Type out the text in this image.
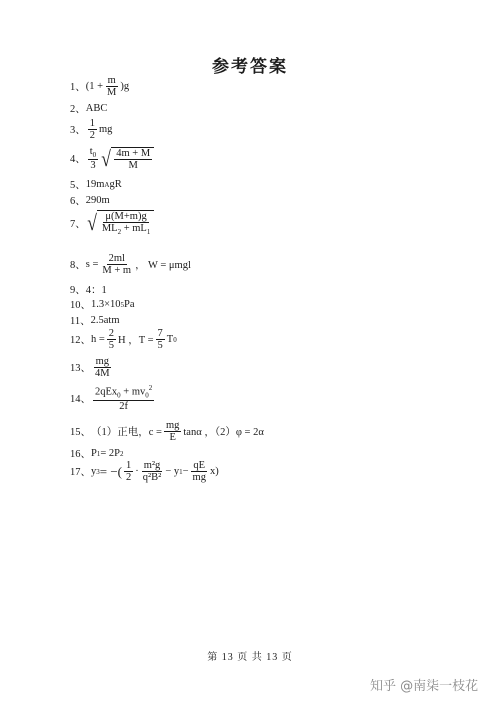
参考答案
1、 $(1 + \frac{m}{M} )g$
2、 ABC
3、 $\frac{1}{2}$ mg
4、 $\frac{t_0}{3}$ √ $\frac{4m + M}{M}$
5、 19m A gR
6、 290m
7、 √ $\frac{\mu(M+m)g}{ML_2 + mL_1}$
8、 $s = \frac{2ml}{M + m}$ ， W = μmgl
9、 4：1
10、 1.3×10 5 Pa
11、 2.5atm
12、 $h = \frac{2}{5}$ H ，$T = \frac{7}{5}$ T 0
13、 $\frac{mg}{4M}$
14、 $\frac{2qEx_0 + mv_0^2}{2f}$
15、 （1）正电，$c = \frac{mg}{E}$ tanα ，（2）φ = 2α
16、 P 1 = 2P 2
17、 y 3 = −( $\frac{1}{2} \cdot \frac{\text{m²g}}{\text{q²B²}} - y$ $1 - \frac{qE}{mg} x$)
第 13 页 共 13 页
知乎 @南柒一枝花
